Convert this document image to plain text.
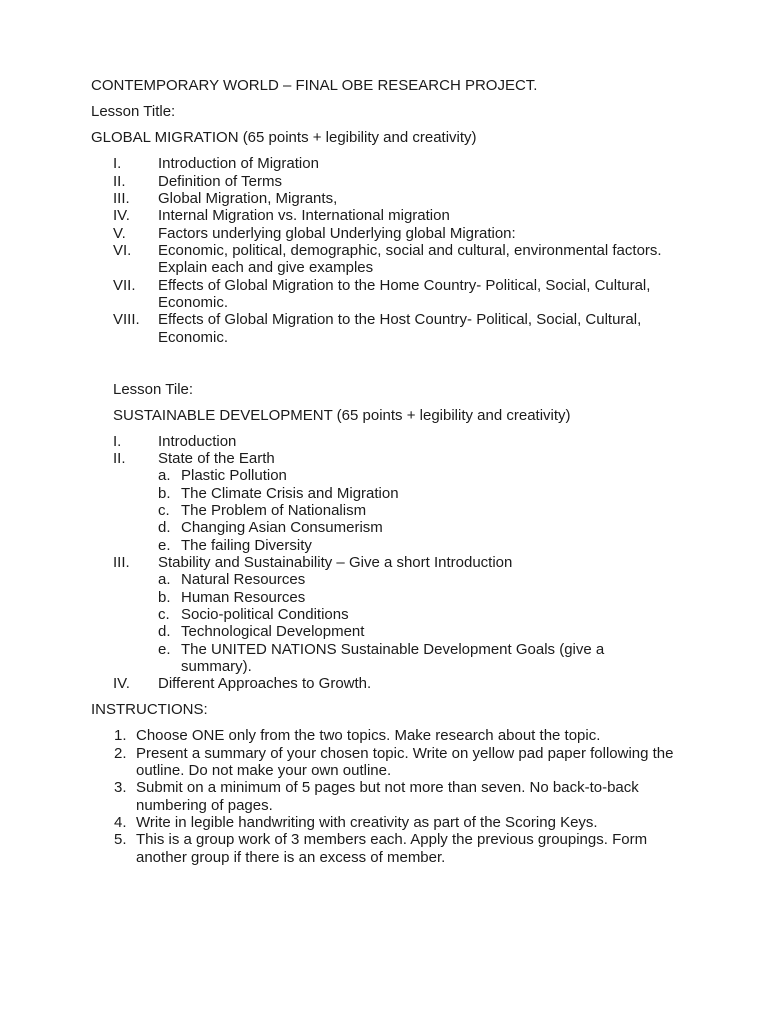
CONTEMPORARY WORLD – FINAL OBE RESEARCH PROJECT.
Lesson Title:
GLOBAL MIGRATION (65 points + legibility and creativity)
I. Introduction of Migration
II. Definition of Terms
III. Global Migration, Migrants,
IV. Internal Migration vs. International migration
V. Factors underlying global Underlying global Migration:
VI. Economic, political, demographic, social and cultural, environmental factors.
Explain each and give examples
VII. Effects of Global Migration to the Home Country- Political, Social, Cultural,
Economic.
VIII. Effects of Global Migration to the Host Country- Political, Social, Cultural,
Economic.
Lesson Tile:
SUSTAINABLE DEVELOPMENT (65 points + legibility and creativity)
I. Introduction
II. State of the Earth
a. Plastic Pollution
b. The Climate Crisis and Migration
c. The Problem of Nationalism
d. Changing Asian Consumerism
e. The failing Diversity
III. Stability and Sustainability – Give a short Introduction
a. Natural Resources
b. Human Resources
c. Socio-political Conditions
d. Technological Development
e. The UNITED NATIONS Sustainable Development Goals (give a
summary).
IV. Different Approaches to Growth.
INSTRUCTIONS:
1. Choose ONE only from the two topics. Make research about the topic.
2. Present a summary of your chosen topic. Write on yellow pad paper following the
outline. Do not make your own outline.
3. Submit on a minimum of 5 pages but not more than seven. No back-to-back
numbering of pages.
4. Write in legible handwriting with creativity as part of the Scoring Keys.
5. This is a group work of 3 members each. Apply the previous groupings. Form
another group if there is an excess of member.
